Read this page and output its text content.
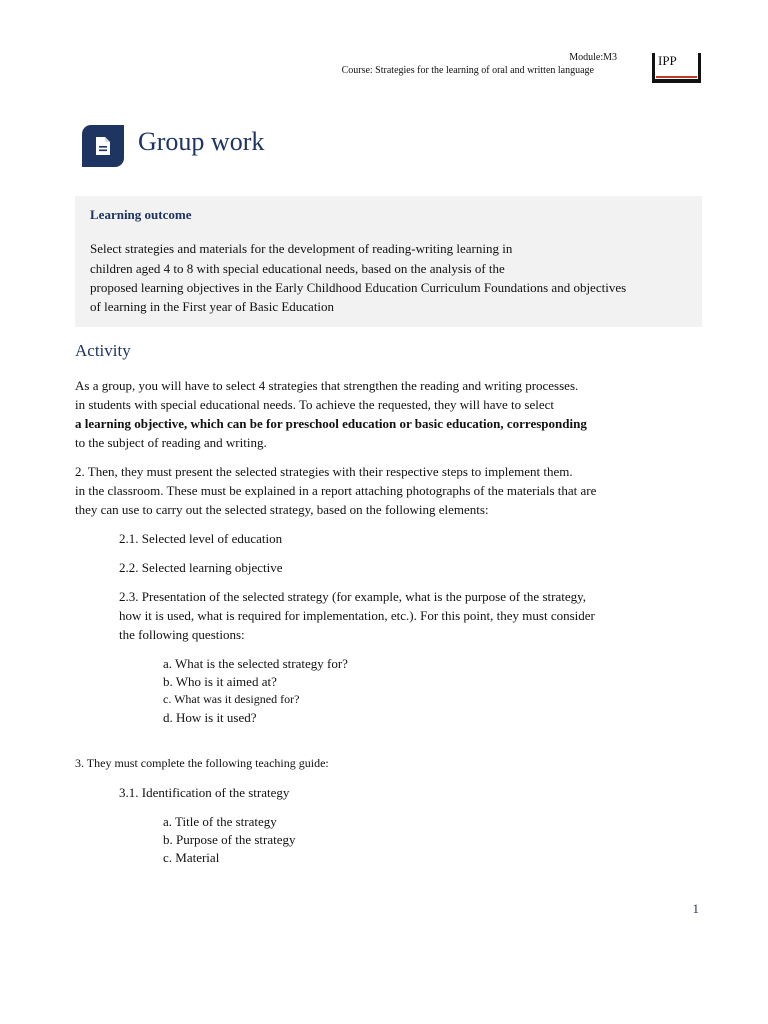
Module:M3
Course: Strategies for the learning of oral and written language
IPP
Group work
Learning outcome
Select strategies and materials for the development of reading-writing learning in
children aged 4 to 8 with special educational needs, based on the analysis of the
proposed learning objectives in the Early Childhood Education Curriculum Foundations and objectives
of learning in the First year of Basic Education
Activity
As a group, you will have to select 4 strategies that strengthen the reading and writing processes.
in students with special educational needs. To achieve the requested, they will have to select
a learning objective, which can be for preschool education or basic education, corresponding
to the subject of reading and writing.
2. Then, they must present the selected strategies with their respective steps to implement them.
in the classroom. These must be explained in a report attaching photographs of the materials that are
they can use to carry out the selected strategy, based on the following elements:
2.1. Selected level of education
2.2. Selected learning objective
2.3. Presentation of the selected strategy (for example, what is the purpose of the strategy,
how it is used, what is required for implementation, etc.). For this point, they must consider
the following questions:
a. What is the selected strategy for?
b. Who is it aimed at?
c. What was it designed for?
d. How is it used?
3. They must complete the following teaching guide:
3.1. Identification of the strategy
a. Title of the strategy
b. Purpose of the strategy
c. Material
1
